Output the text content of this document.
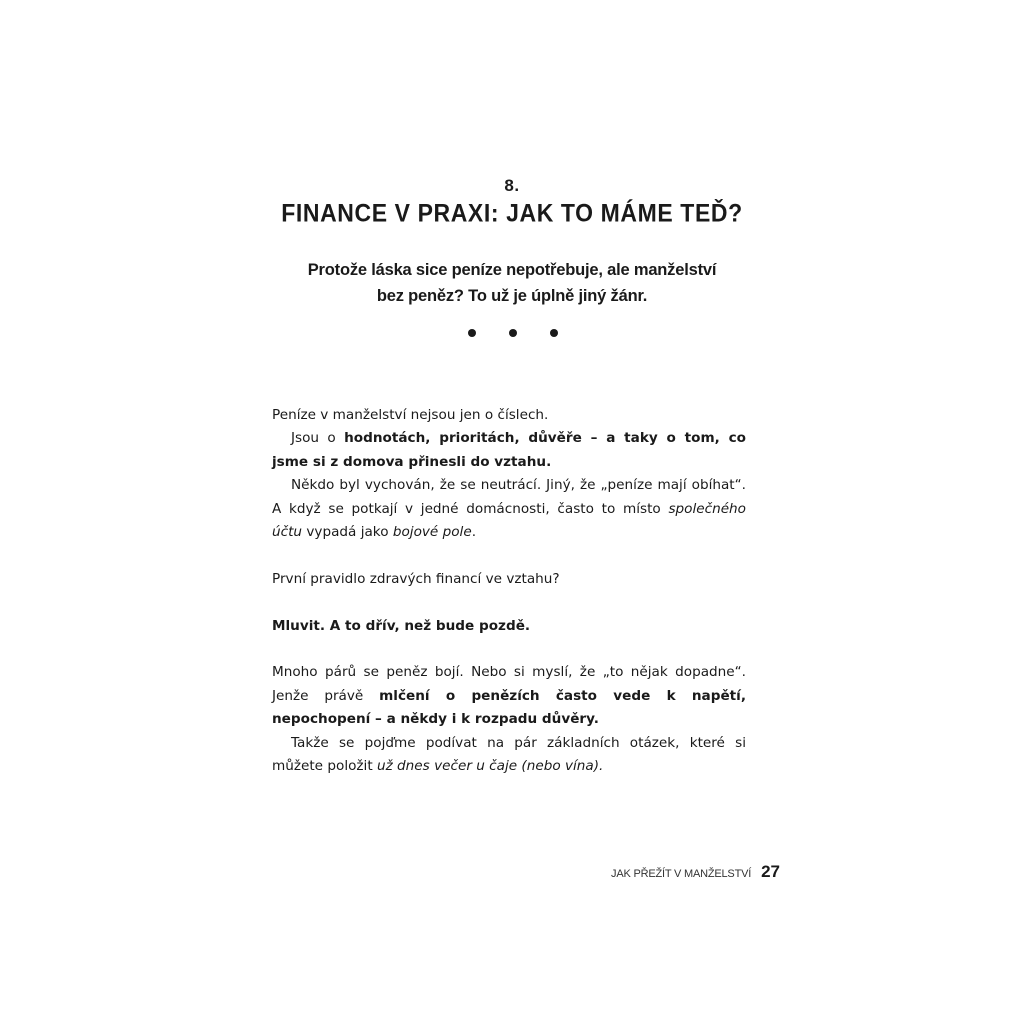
8.
FINANCE V PRAXI: JAK TO MÁME TEĎ?
Protože láska sice peníze nepotřebuje, ale manželství
bez peněz? To už je úplně jiný žánr.

Peníze v manželství nejsou jen o číslech.

Jsou o hodnotách, prioritách, důvěře – a taky o tom, co jsme si z domova přinesli do vztahu.

Někdo byl vychován, že se neutrácí. Jiný, že „peníze mají obíhat“. A když se potkají v jedné domácnosti, často to místo společného účtu vypadá jako bojové pole.

První pravidlo zdravých financí ve vztahu?

Mluvit. A to dřív, než bude pozdě.

Mnoho párů se peněz bojí. Nebo si myslí, že „to nějak dopadne“. Jenže právě mlčení o penězích často vede k napětí, nepochopení – a někdy i k rozpadu důvěry.

Takže se pojďme podívat na pár základních otázek, které si můžete položit už dnes večer u čaje (nebo vína).

JAK PŘEŽÍT V MANŽELSTVÍ 27
